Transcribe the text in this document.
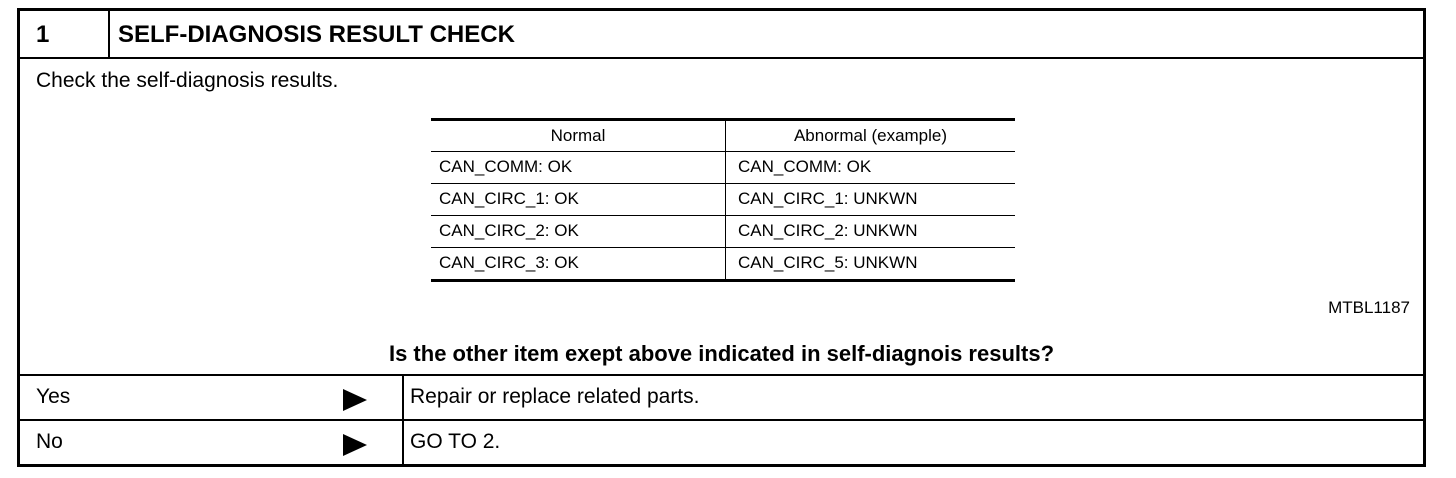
1	SELF-DIAGNOSIS RESULT CHECK
Check the self-diagnosis results.
Normal	Abnormal (example)
CAN_COMM: OK	CAN_COMM: OK
CAN_CIRC_1: OK	CAN_CIRC_1: UNKWN
CAN_CIRC_2: OK	CAN_CIRC_2: UNKWN
CAN_CIRC_3: OK	CAN_CIRC_5: UNKWN
MTBL1187
Is the other item exept above indicated in self-diagnois results?
Yes	Repair or replace related parts.
No	GO TO 2.
